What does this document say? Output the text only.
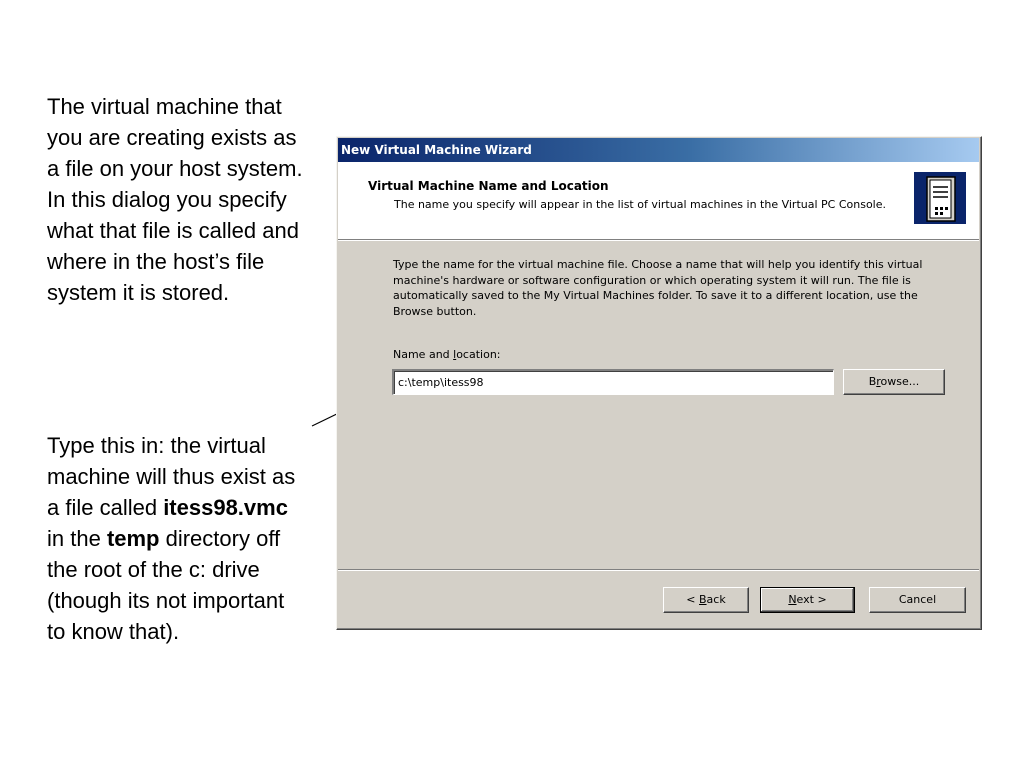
The virtual machine that you are creating exists as a file on your host system. In this dialog you specify what that file is called and where in the host’s file system it is stored.
Type this in: the virtual machine will thus exist as a file called itess98.vmc in the temp directory off the root of the c: drive (though its not important to know that).
New Virtual Machine Wizard
Virtual Machine Name and Location
The name you specify will appear in the list of virtual machines in the Virtual PC Console.
Type the name for the virtual machine file. Choose a name that will help you identify this virtual machine's hardware or software configuration or which operating system it will run. The file is automatically saved to the My Virtual Machines folder. To save it to a different location, use the Browse button.
Name and location:
c:\temp\itess98
Browse...
< Back	Next >	Cancel
